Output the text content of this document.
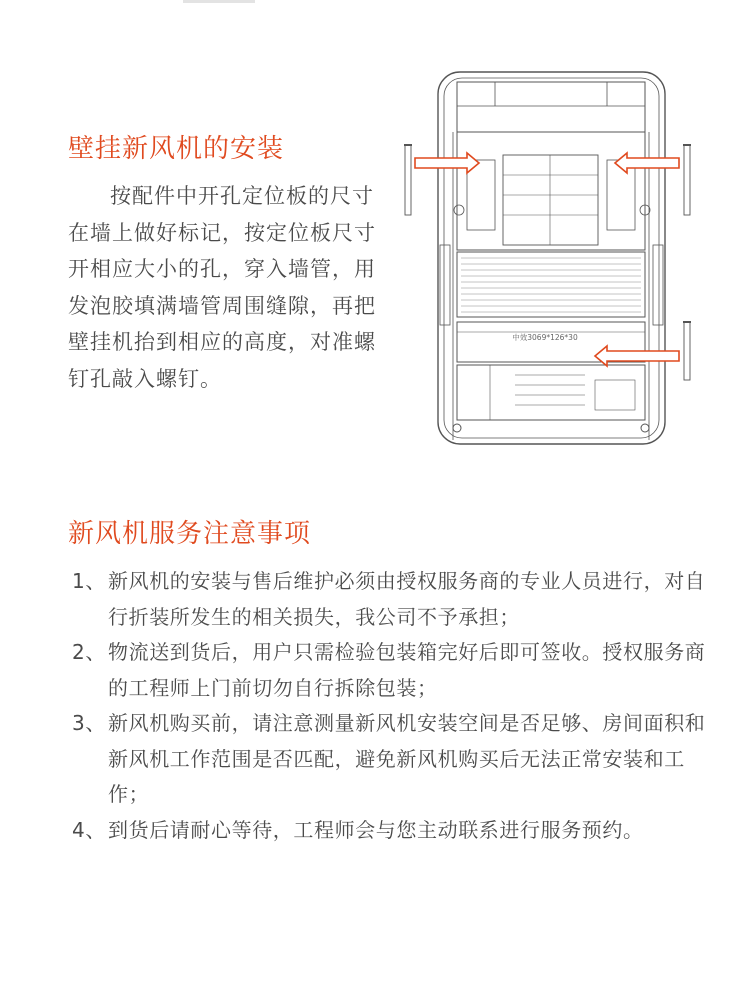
壁挂新风机的安装
按配件中开孔定位板的尺寸在墙上做好标记，按定位板尺寸开相应大小的孔，穿入墙管，用发泡胶填满墙管周围缝隙，再把壁挂机抬到相应的高度，对准螺钉孔敲入螺钉。
中效3069*126*30
新风机服务注意事项
1、 新风机的安装与售后维护必须由授权服务商的专业人员进行，对自行折装所发生的相关损失，我公司不予承担；
2、 物流送到货后，用户只需检验包装箱完好后即可签收。授权服务商的工程师上门前切勿自行拆除包装；
3、 新风机购买前，请注意测量新风机安装空间是否足够、房间面积和新风机工作范围是否匹配，避免新风机购买后无法正常安装和工作；
4、 到货后请耐心等待，工程师会与您主动联系进行服务预约。
